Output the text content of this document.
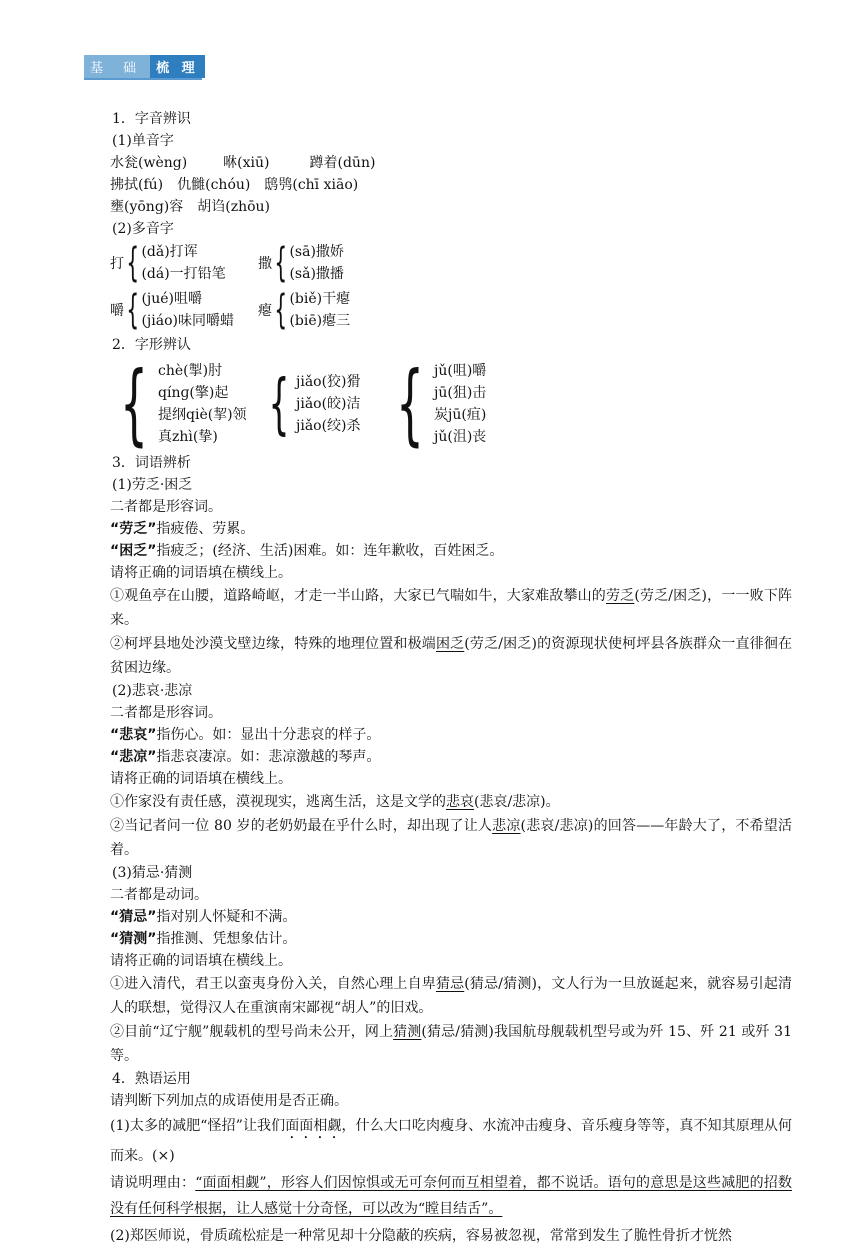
基 础 梳 理
1．字音辨识
(1)单音字
水瓮(wèng)	咻(xiū)	蹲着(dūn)
拂拭(fú) 仇雠(chóu) 鸱鸮(chī xiāo)
壅(yōng)容 胡诌(zhōu)
(2)多音字
打 { (dǎ)打诨
(dá)一打铅笔
撒 { (sā)撒娇
(sǎ)撒播
嚼 { (jué)咀嚼
(jiáo)味同嚼蜡
瘪 { (biě)干瘪
(biē)瘪三
2．字形辨认
{ chè(掣)肘
qínɡ(擎)起
提纲qiè(挈)领
真zhì(挚) { jiǎo(狡)猾
jiǎo(皎)洁
jiǎo(绞)杀 { jǔ(咀)嚼
jū(狙)击
炭jū(疽)
jǔ(沮)丧
3．词语辨析
(1)劳乏·困乏
二者都是形容词。
“劳乏”指疲倦、劳累。
“困乏”指疲乏；(经济、生活)困难。如：连年歉收，百姓困乏。
请将正确的词语填在横线上。
①观鱼亭在山腰，道路崎岖，才走一半山路，大家已气喘如牛，大家难敌攀山的劳乏(劳乏/困乏)，一一败下阵来。
②柯坪县地处沙漠戈壁边缘，特殊的地理位置和极端困乏(劳乏/困乏)的资源现状使柯坪县各族群众一直徘徊在贫困边缘。
(2)悲哀·悲凉
二者都是形容词。
“悲哀”指伤心。如：显出十分悲哀的样子。
“悲凉”指悲哀凄凉。如：悲凉激越的琴声。
请将正确的词语填在横线上。
①作家没有责任感，漠视现实，逃离生活，这是文学的悲哀(悲哀/悲凉)。
②当记者问一位 80 岁的老奶奶最在乎什么时，却出现了让人悲凉(悲哀/悲凉)的回答——年龄大了，不希望活着。
(3)猜忌·猜测
二者都是动词。
“猜忌”指对别人怀疑和不满。
“猜测”指推测、凭想象估计。
请将正确的词语填在横线上。
①进入清代，君王以蛮夷身份入关，自然心理上自卑猜忌(猜忌/猜测)，文人行为一旦放诞起来，就容易引起清人的联想，觉得汉人在重演南宋鄙视“胡人”的旧戏。
②目前“辽宁舰”舰载机的型号尚未公开，网上猜测(猜忌/猜测)我国航母舰载机型号或为歼 15、歼 21 或歼 31 等。
4．熟语运用
请判断下列加点的成语使用是否正确。
(1)太多的减肥“怪招”让我们面面相觑，什么大口吃肉瘦身、水流冲击瘦身、音乐瘦身等等，真不知其原理从何而来。(×)
请说明理由：“面面相觑”，形容人们因惊惧或无可奈何而互相望着，都不说话。语句的意思是这些减肥的招数没有任何科学根据，让人感觉十分奇怪，可以改为“瞠目结舌”。
(2)郑医师说，骨质疏松症是一种常见却十分隐蔽的疾病，容易被忽视，常常到发生了脆性骨折才恍然
